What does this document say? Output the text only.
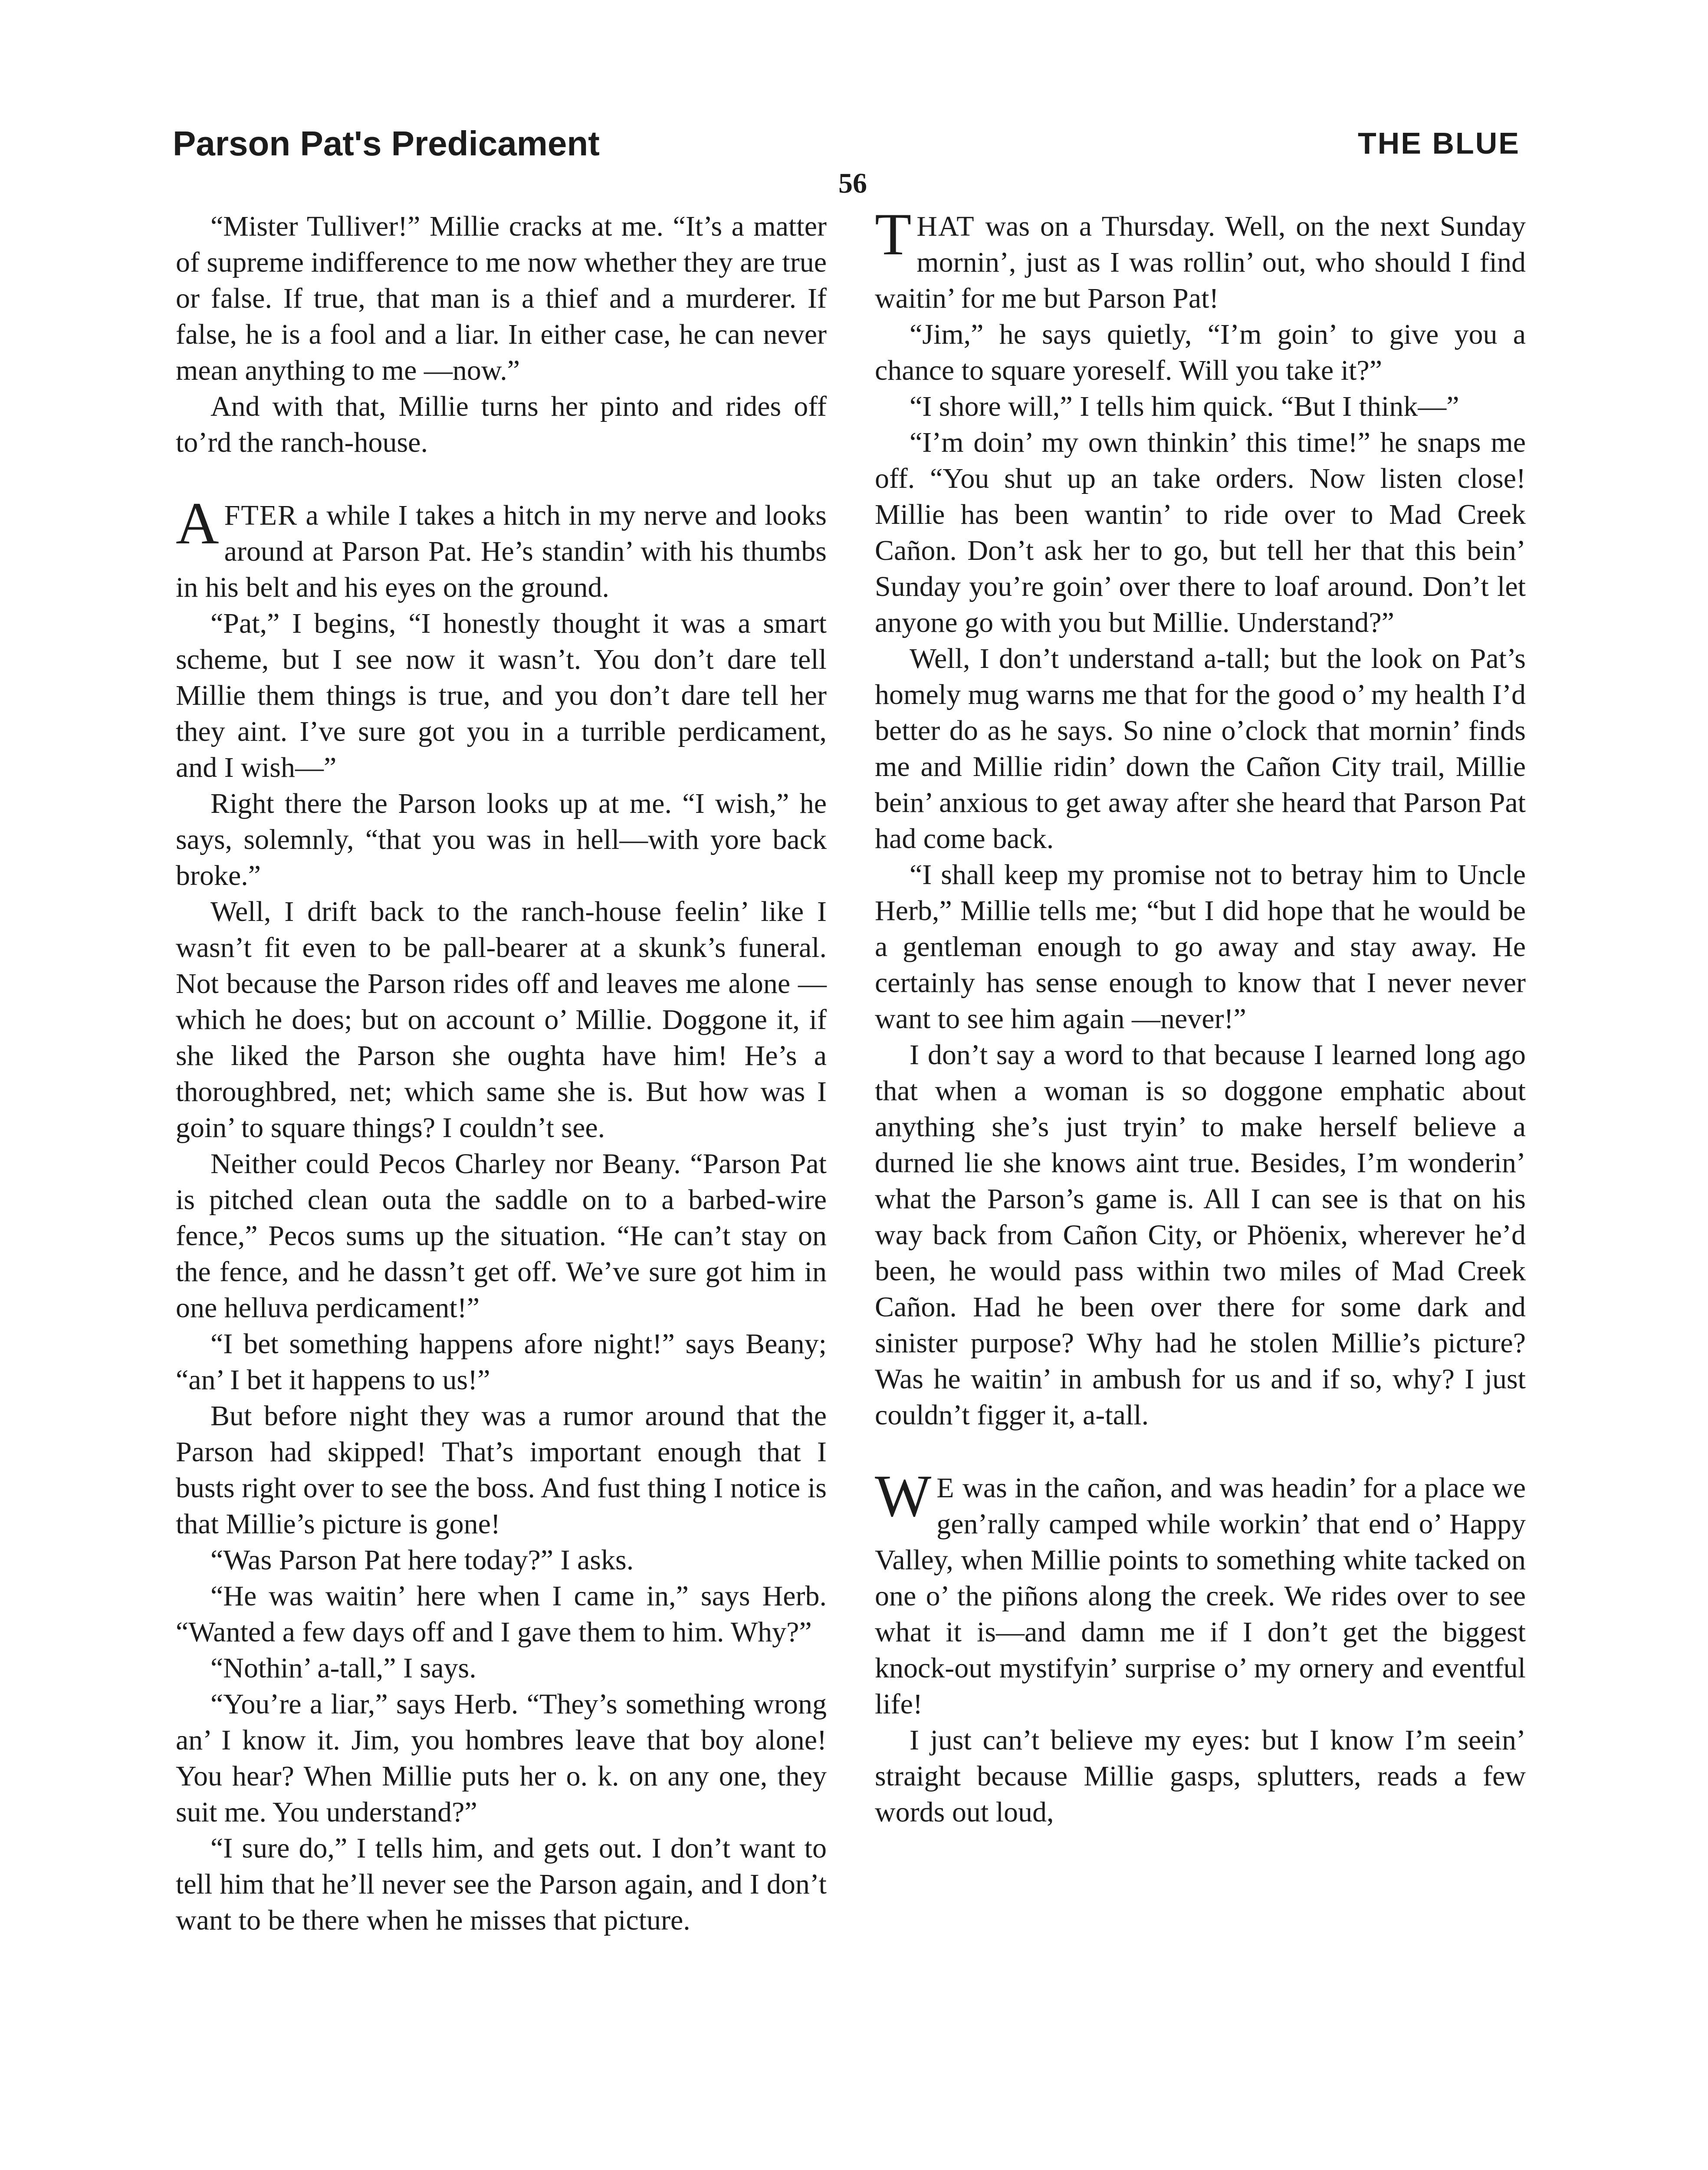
Parson Pat's Predicament	THE BLUE
56

“Mister Tulliver!” Millie cracks at me. “It’s a matter of supreme indifference to me now whether they are true or false. If true, that man is a thief and a murderer. If false, he is a fool and a liar. In either case, he can never mean anything to me —now.”

And with that, Millie turns her pinto and rides off to’rd the ranch-house.

AFTER a while I takes a hitch in my nerve and looks around at Parson Pat. He’s standin’ with his thumbs in his belt and his eyes on the ground.

“Pat,” I begins, “I honestly thought it was a smart scheme, but I see now it wasn’t. You don’t dare tell Millie them things is true, and you don’t dare tell her they aint. I’ve sure got you in a turrible perdicament, and I wish—”

Right there the Parson looks up at me. “I wish,” he says, solemnly, “that you was in hell—with yore back broke.”

Well, I drift back to the ranch-house feelin’ like I wasn’t fit even to be pall-bearer at a skunk’s funeral. Not because the Parson rides off and leaves me alone —which he does; but on account o’ Millie. Doggone it, if she liked the Parson she oughta have him! He’s a thoroughbred, net; which same she is. But how was I goin’ to square things? I couldn’t see.

Neither could Pecos Charley nor Beany. “Parson Pat is pitched clean outa the saddle on to a barbed-wire fence,” Pecos sums up the situation. “He can’t stay on the fence, and he dassn’t get off. We’ve sure got him in one helluva perdicament!”

“I bet something happens afore night!” says Beany; “an’ I bet it happens to us!”

But before night they was a rumor around that the Parson had skipped! That’s important enough that I busts right over to see the boss. And fust thing I notice is that Millie’s picture is gone!

“Was Parson Pat here today?” I asks.

“He was waitin’ here when I came in,” says Herb. “Wanted a few days off and I gave them to him. Why?”

“Nothin’ a-tall,” I says.

“You’re a liar,” says Herb. “They’s something wrong an’ I know it. Jim, you hombres leave that boy alone! You hear? When Millie puts her o. k. on any one, they suit me. You understand?”

“I sure do,” I tells him, and gets out. I don’t want to tell him that he’ll never see the Parson again, and I don’t want to be there when he misses that picture.

THAT was on a Thursday. Well, on the next Sunday mornin’, just as I was rollin’ out, who should I find waitin’ for me but Parson Pat!

“Jim,” he says quietly, “I’m goin’ to give you a chance to square yoreself. Will you take it?”

“I shore will,” I tells him quick. “But I think—”

“I’m doin’ my own thinkin’ this time!” he snaps me off. “You shut up an take orders. Now listen close! Millie has been wantin’ to ride over to Mad Creek Cañon. Don’t ask her to go, but tell her that this bein’ Sunday you’re goin’ over there to loaf around. Don’t let anyone go with you but Millie. Understand?”

Well, I don’t understand a-tall; but the look on Pat’s homely mug warns me that for the good o’ my health I’d better do as he says. So nine o’clock that mornin’ finds me and Millie ridin’ down the Cañon City trail, Millie bein’ anxious to get away after she heard that Parson Pat had come back.

“I shall keep my promise not to betray him to Uncle Herb,” Millie tells me; “but I did hope that he would be a gentleman enough to go away and stay away. He certainly has sense enough to know that I never never want to see him again —never!”

I don’t say a word to that because I learned long ago that when a woman is so doggone emphatic about anything she’s just tryin’ to make herself believe a durned lie she knows aint true. Besides, I’m wonderin’ what the Parson’s game is. All I can see is that on his way back from Cañon City, or Phöenix, wherever he’d been, he would pass within two miles of Mad Creek Cañon. Had he been over there for some dark and sinister purpose? Why had he stolen Millie’s picture? Was he waitin’ in ambush for us and if so, why? I just couldn’t figger it, a-tall.

W E was in the cañon, and was headin’ for a place we gen’rally camped while workin’ that end o’ Happy Valley, when Millie points to something white tacked on one o’ the piñons along the creek. We rides over to see what it is—and damn me if I don’t get the biggest knock-out mystifyin’ surprise o’ my ornery and eventful life!

I just can’t believe my eyes: but I know I’m seein’ straight because Millie gasps, splutters, reads a few words out loud,
